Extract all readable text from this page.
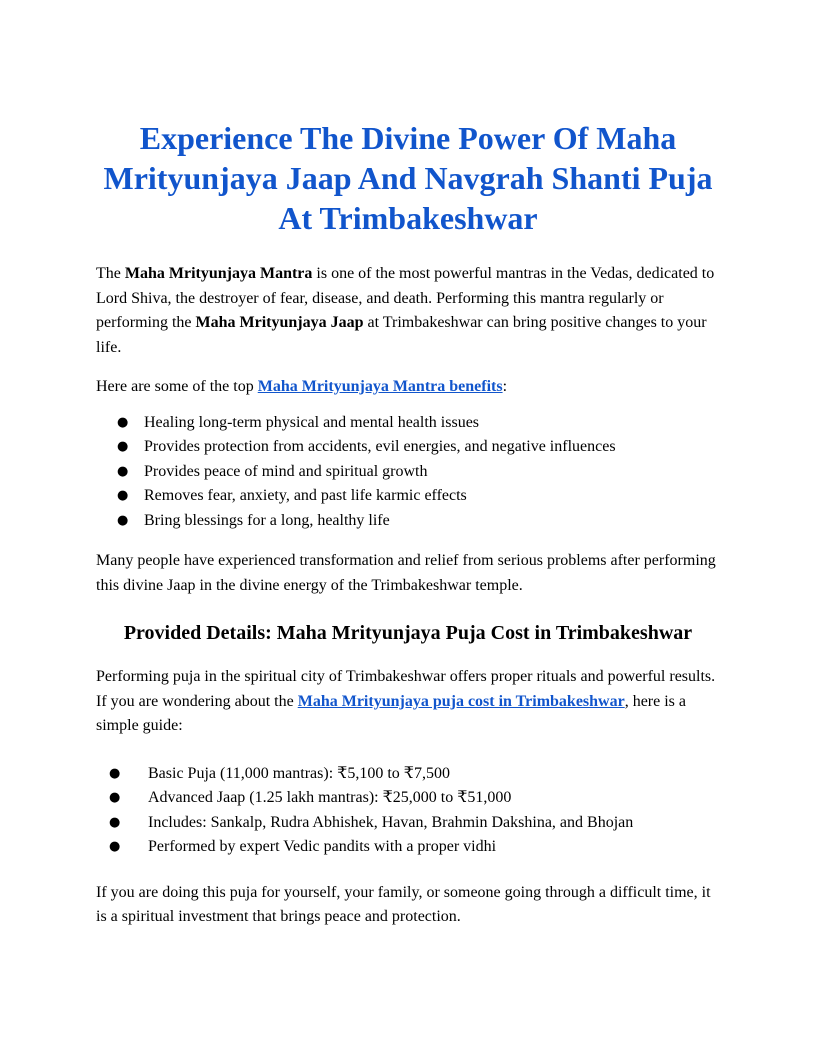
Experience The Divine Power Of Maha
Mrityunjaya Jaap And Navgrah Shanti Puja
At Trimbakeshwar

The Maha Mrityunjaya Mantra is one of the most powerful mantras in the Vedas, dedicated to Lord Shiva, the destroyer of fear, disease, and death. Performing this mantra regularly or performing the Maha Mrityunjaya Jaap at Trimbakeshwar can bring positive changes to your life.

Here are some of the top Maha Mrityunjaya Mantra benefits:

● Healing long-term physical and mental health issues
● Provides protection from accidents, evil energies, and negative influences
● Provides peace of mind and spiritual growth
● Removes fear, anxiety, and past life karmic effects
● Bring blessings for a long, healthy life

Many people have experienced transformation and relief from serious problems after performing this divine Jaap in the divine energy of the Trimbakeshwar temple.

Provided Details: Maha Mrityunjaya Puja Cost in Trimbakeshwar

Performing puja in the spiritual city of Trimbakeshwar offers proper rituals and powerful results. If you are wondering about the Maha Mrityunjaya puja cost in Trimbakeshwar, here is a simple guide:

● Basic Puja (11,000 mantras): ₹5,100 to ₹7,500
● Advanced Jaap (1.25 lakh mantras): ₹25,000 to ₹51,000
● Includes: Sankalp, Rudra Abhishek, Havan, Brahmin Dakshina, and Bhojan
● Performed by expert Vedic pandits with a proper vidhi

If you are doing this puja for yourself, your family, or someone going through a difficult time, it is a spiritual investment that brings peace and protection.
